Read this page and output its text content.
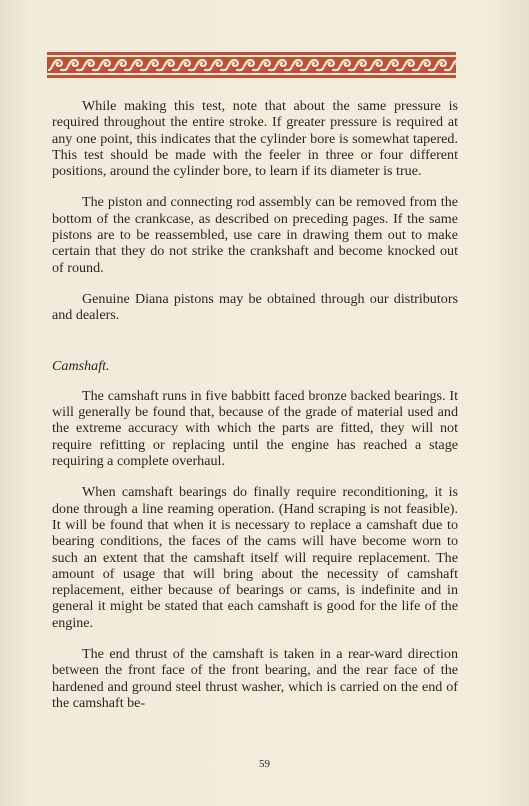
While making this test, note that about the same pressure is required throughout the entire stroke. If greater pressure is required at any one point, this indicates that the cylinder bore is somewhat tapered. This test should be made with the feeler in three or four different positions, around the cylinder bore, to learn if its diameter is true.

The piston and connecting rod assembly can be removed from the bottom of the crankcase, as described on preceding pages. If the same pistons are to be reassembled, use care in drawing them out to make certain that they do not strike the crankshaft and become knocked out of round.

Genuine Diana pistons may be obtained through our distributors and dealers.

Camshaft.

The camshaft runs in five babbitt faced bronze backed bearings. It will generally be found that, because of the grade of material used and the extreme accuracy with which the parts are fitted, they will not require refitting or replacing until the engine has reached a stage requiring a complete overhaul.

When camshaft bearings do finally require reconditioning, it is done through a line reaming operation. (Hand scraping is not feasible). It will be found that when it is necessary to replace a camshaft due to bearing conditions, the faces of the cams will have become worn to such an extent that the camshaft itself will require replacement. The amount of usage that will bring about the necessity of camshaft replacement, either because of bearings or cams, is indefinite and in general it might be stated that each camshaft is good for the life of the engine.

The end thrust of the camshaft is taken in a rear-ward direction between the front face of the front bearing, and the rear face of the hardened and ground steel thrust washer, which is carried on the end of the camshaft be-

59
